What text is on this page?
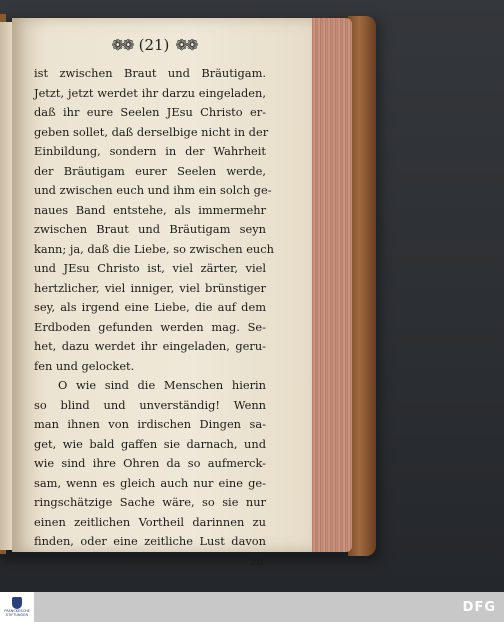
❁❁ (21) ❁❁
ist zwischen Braut und Bräutigam.
Jetzt, jetzt werdet ihr darzu eingeladen,
daß ihr eure Seelen JEsu Christo er-
geben sollet, daß derselbige nicht in der
Einbildung, sondern in der Wahrheit
der Bräutigam eurer Seelen werde,
und zwischen euch und ihm ein solch ge-
naues Band entstehe, als immermehr
zwischen Braut und Bräutigam seyn
kann; ja, daß die Liebe, so zwischen euch
und JEsu Christo ist, viel zärter, viel
hertzlicher, viel inniger, viel brünstiger
sey, als irgend eine Liebe, die auf dem
Erdboden gefunden werden mag. Se-
het, dazu werdet ihr eingeladen, geru-
fen und gelocket.
O wie sind die Menschen hierin
so blind und unverständig! Wenn
man ihnen von irdischen Dingen sa-
get, wie bald gaffen sie darnach, und
wie sind ihre Ohren da so aufmerck-
sam, wenn es gleich auch nur eine ge-
ringschätzige Sache wäre, so sie nur
einen zeitlichen Vortheil darinnen zu
finden, oder eine zeitliche Lust davon
zu
FRANCKESCHE STIFTUNGEN
DFG
